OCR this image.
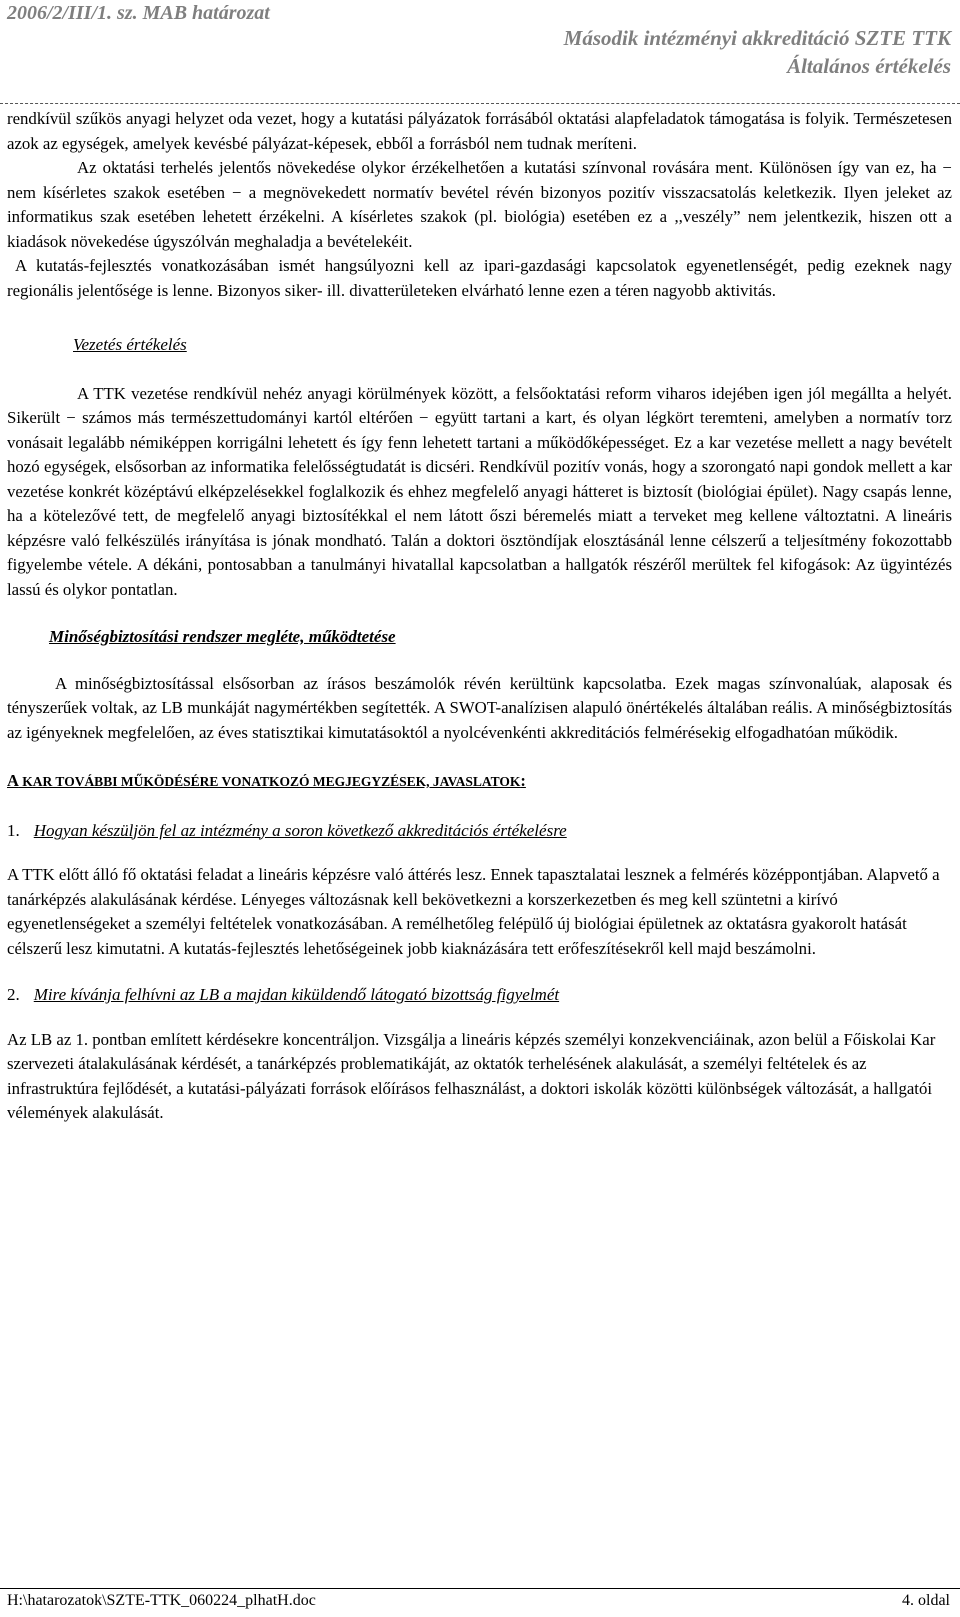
2006/2/III/1. sz. MAB határozat
Második intézményi akkreditáció SZTE TTK
Általános értékelés

rendkívül szűkös anyagi helyzet oda vezet, hogy a kutatási pályázatok forrásából oktatási alapfeladatok támogatása is folyik. Természetesen azok az egységek, amelyek kevésbé pályázat-képesek, ebből a forrásból nem tudnak meríteni.

Az oktatási terhelés jelentős növekedése olykor érzékelhetően a kutatási színvonal rovására ment. Különösen így van ez, ha − nem kísérletes szakok esetében − a megnövekedett normatív bevétel révén bizonyos pozitív visszacsatolás keletkezik. Ilyen jeleket az informatikus szak esetében lehetett érzékelni. A kísérletes szakok (pl. biológia) esetében ez a ,,veszély” nem jelentkezik, hiszen ott a kiadások növekedése úgyszólván meghaladja a bevételekéit.

A kutatás-fejlesztés vonatkozásában ismét hangsúlyozni kell az ipari-gazdasági kapcsolatok egyenetlenségét, pedig ezeknek nagy regionális jelentősége is lenne. Bizonyos siker- ill. divatterületeken elvárható lenne ezen a téren nagyobb aktivitás.

Vezetés értékelés

A TTK vezetése rendkívül nehéz anyagi körülmények között, a felsőoktatási reform viharos idejében igen jól megállta a helyét. Sikerült − számos más természettudományi kartól eltérően − együtt tartani a kart, és olyan légkört teremteni, amelyben a normatív torz vonásait legalább némiképpen korrigálni lehetett és így fenn lehetett tartani a működőképességet. Ez a kar vezetése mellett a nagy bevételt hozó egységek, elsősorban az informatika felelősségtudatát is dicséri. Rendkívül pozitív vonás, hogy a szorongató napi gondok mellett a kar vezetése konkrét középtávú elképzelésekkel foglalkozik és ehhez megfelelő anyagi hátteret is biztosít (biológiai épület). Nagy csapás lenne, ha a kötelezővé tett, de megfelelő anyagi biztosítékkal el nem látott őszi béremelés miatt a terveket meg kellene változtatni. A lineáris képzésre való felkészülés irányítása is jónak mondható. Talán a doktori ösztöndíjak elosztásánál lenne célszerű a teljesítmény fokozottabb figyelembe vétele. A dékáni, pontosabban a tanulmányi hivatallal kapcsolatban a hallgatók részéről merültek fel kifogások: Az ügyintézés lassú és olykor pontatlan.

Minőségbiztosítási rendszer megléte, működtetése

A minőségbiztosítással elsősorban az írásos beszámolók révén kerültünk kapcsolatba. Ezek magas színvonalúak, alaposak és tényszerűek voltak, az LB munkáját nagymértékben segítették. A SWOT-analízisen alapuló önértékelés általában reális. A minőségbiztosítás az igényeknek megfelelően, az éves statisztikai kimutatásoktól a nyolcévenkénti akkreditációs felmérésekig elfogadhatóan működik.

A KAR TOVÁBBI MŰKÖDÉSÉRE VONATKOZÓ MEGJEGYZÉSEK, JAVASLATOK:

1. Hogyan készüljön fel az intézmény a soron következő akkreditációs értékelésre

A TTK előtt álló fő oktatási feladat a lineáris képzésre való áttérés lesz. Ennek tapasztalatai lesznek a felmérés középpontjában. Alapvető a tanárképzés alakulásának kérdése. Lényeges változásnak kell bekövetkezni a korszerkezetben és meg kell szüntetni a kirívó egyenetlenségeket a személyi feltételek vonatkozásában. A remélhetőleg felépülő új biológiai épületnek az oktatásra gyakorolt hatását célszerű lesz kimutatni. A kutatás-fejlesztés lehetőségeinek jobb kiaknázására tett erőfeszítésekről kell majd beszámolni.

2. Mire kívánja felhívni az LB a majdan kiküldendő látogató bizottság figyelmét

Az LB az 1. pontban említett kérdésekre koncentráljon. Vizsgálja a lineáris képzés személyi konzekvenciáinak, azon belül a Főiskolai Kar szervezeti átalakulásának kérdését, a tanárképzés problematikáját, az oktatók terhelésének alakulását, a személyi feltételek és az infrastruktúra fejlődését, a kutatási-pályázati források előírásos felhasználást, a doktori iskolák közötti különbségek változását, a hallgatói vélemények alakulását.

H:\hatarozatok\SZTE-TTK_060224_plhatH.doc	4. oldal
